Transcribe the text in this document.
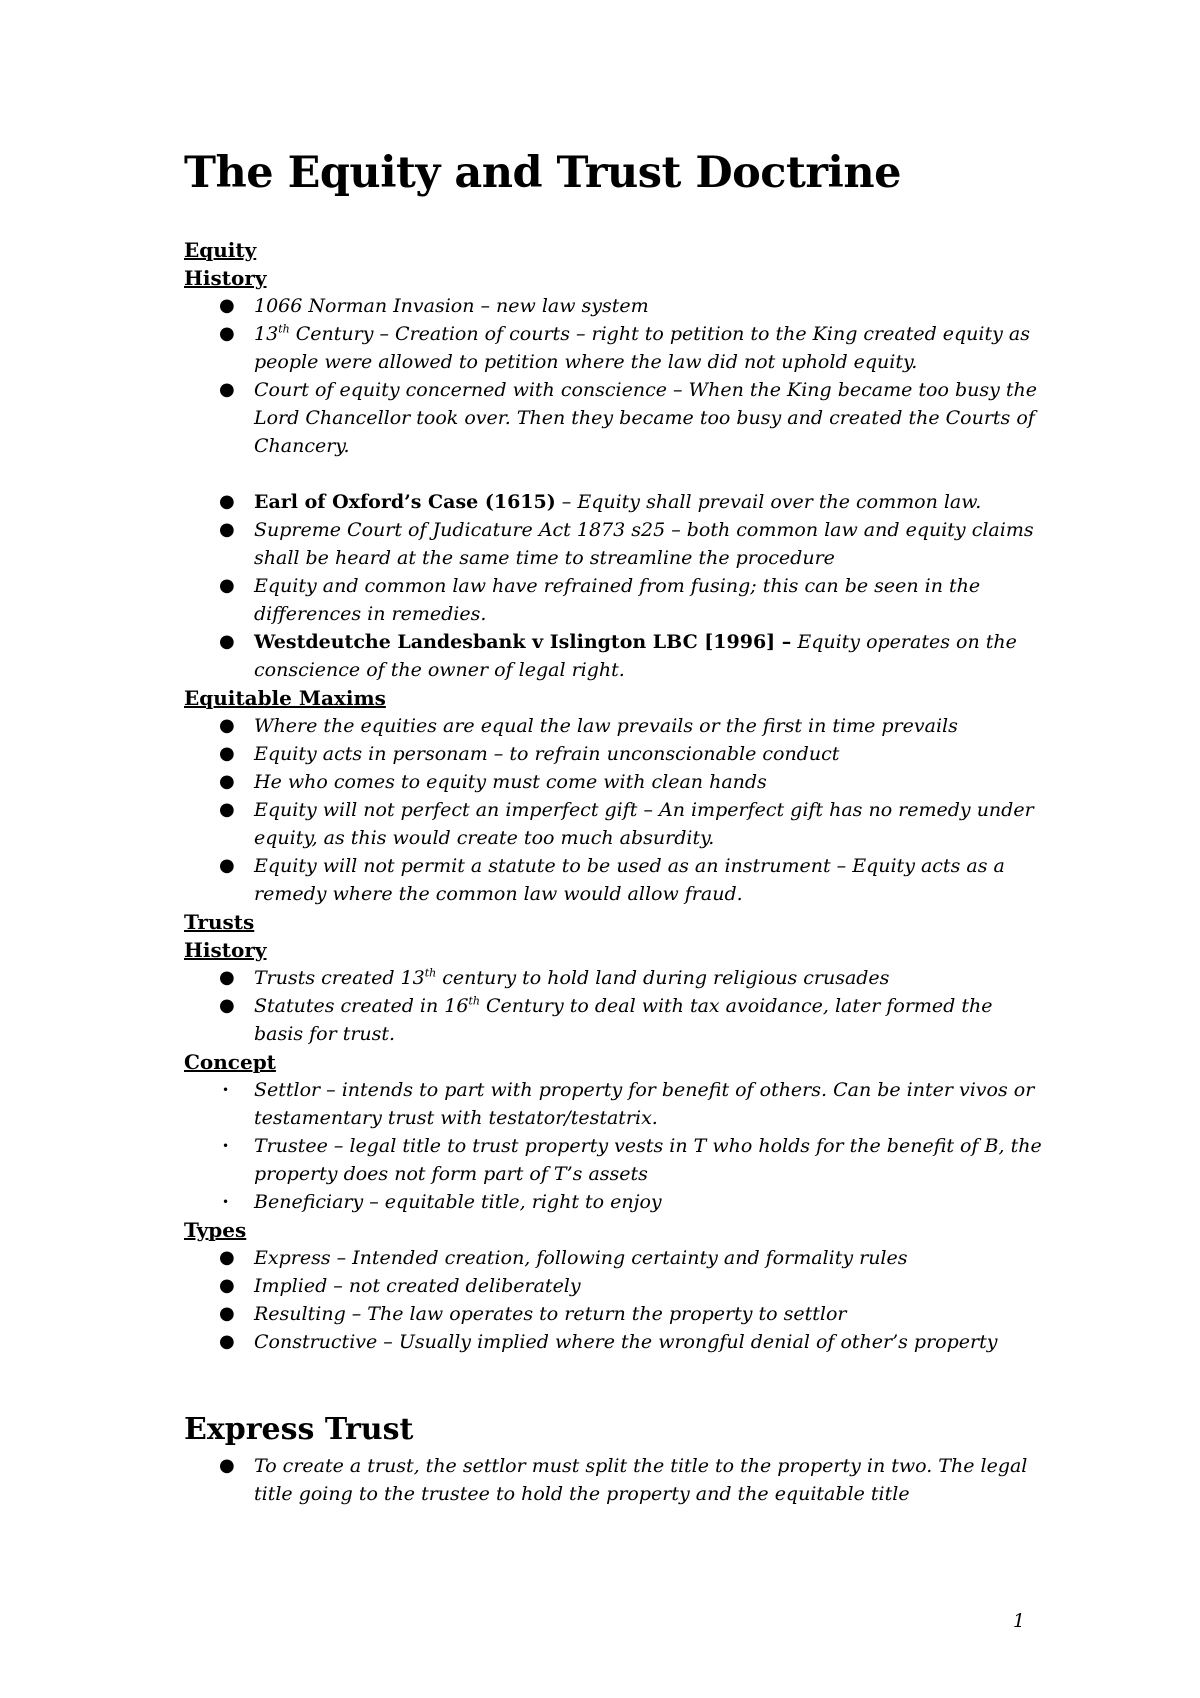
The Equity and Trust Doctrine

Equity

History

● 1066 Norman Invasion – new law system
● 13th Century – Creation of courts – right to petition to the King created equity as people were allowed to petition where the law did not uphold equity.
● Court of equity concerned with conscience – When the King became too busy the Lord Chancellor took over. Then they became too busy and created the Courts of Chancery.
● Earl of Oxford’s Case (1615) – Equity shall prevail over the common law.
● Supreme Court of Judicature Act 1873 s25 – both common law and equity claims shall be heard at the same time to streamline the procedure
● Equity and common law have refrained from fusing; this can be seen in the differences in remedies.
● Westdeutche Landesbank v Islington LBC [1996] – Equity operates on the conscience of the owner of legal right.

Equitable Maxims

● Where the equities are equal the law prevails or the first in time prevails
● Equity acts in personam – to refrain unconscionable conduct
● He who comes to equity must come with clean hands
● Equity will not perfect an imperfect gift – An imperfect gift has no remedy under equity, as this would create too much absurdity.
● Equity will not permit a statute to be used as an instrument – Equity acts as a remedy where the common law would allow fraud.

Trusts

History

● Trusts created 13th century to hold land during religious crusades
● Statutes created in 16th Century to deal with tax avoidance, later formed the basis for trust.

Concept

• Settlor – intends to part with property for benefit of others. Can be inter vivos or testamentary trust with testator/testatrix.
• Trustee – legal title to trust property vests in T who holds for the benefit of B, the property does not form part of T’s assets
• Beneficiary – equitable title, right to enjoy

Types

● Express – Intended creation, following certainty and formality rules
● Implied – not created deliberately
● Resulting – The law operates to return the property to settlor
● Constructive – Usually implied where the wrongful denial of other’s property
Express Trust
● To create a trust, the settlor must split the title to the property in two. The legal title going to the trustee to hold the property and the equitable title
1
